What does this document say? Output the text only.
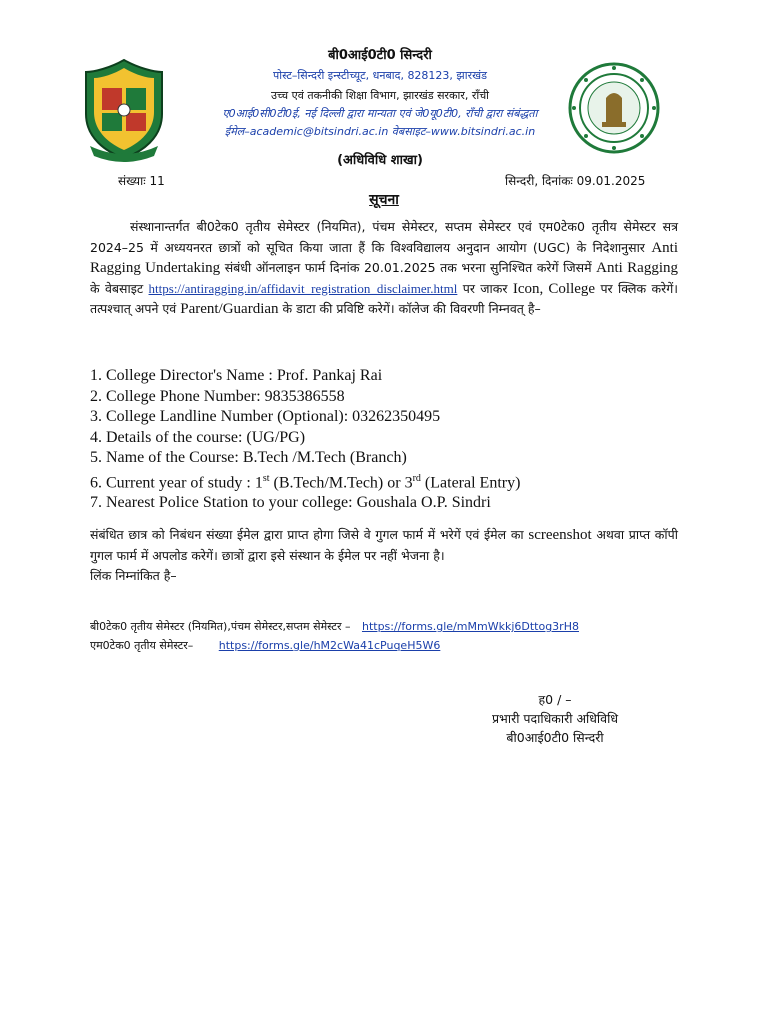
बी0आई0टी0 सिन्दरी
पोस्ट–सिन्दरी इन्स्टीच्यूट, धनबाद, 828123, झारखंड
उच्च एवं तकनीकी शिक्षा विभाग, झारखंड सरकार, रॉंची
ए0आई0सी0टी0ई, नई दिल्ली द्वारा मान्यता एवं जे0यू0टी0, रॉंची द्वारा संबंद्धता
ईमेल–academic@bitsindri.ac.in वेबसाइट–www.bitsindri.ac.in
(अधिविधि शाखा)
संख्याः 11	सिन्दरी, दिनांकः 09.01.2025
सूचना
संस्थानान्तर्गत बी0टेक0 तृतीय सेमेस्टर (नियमित), पंचम सेमेस्टर, सप्तम सेमेस्टर एवं एम0टेक0 तृतीय सेमेस्टर सत्र 2024–25 में अध्ययनरत छात्रों को सूचित किया जाता हैं कि विश्वविद्यालय अनुदान आयोग (UGC) के निदेशानुसार Anti Ragging Undertaking संबंधी ऑनलाइन फार्म दिनांक 20.01.2025 तक भरना सुनिश्चित करेगें जिसमें Anti Ragging के वेबसाइट https://antiragging.in/affidavit_registration_disclaimer.html पर जाकर Icon, College पर क्लिक करेगें। तत्पश्चात् अपने एवं Parent/Guardian के डाटा की प्रविष्टि करेगें। कॉलेज की विवरणी निम्नवत् है–
1. College Director's Name : Prof. Pankaj Rai
2. College Phone Number: 9835386558
3. College Landline Number (Optional): 03262350495
4. Details of the course: (UG/PG)
5. Name of the Course: B.Tech /M.Tech (Branch)
6. Current year of study : 1st (B.Tech/M.Tech) or 3rd (Lateral Entry)
7. Nearest Police Station to your college: Goushala O.P. Sindri
संबंधित छात्र को निबंधन संख्या ईमेल द्वारा प्राप्त होगा जिसे वे गुगल फार्म में भरेगें एवं ईमेल का screenshot अथवा प्राप्त कॉपी गुगल फार्म में अपलोड करेगें। छात्रों द्वारा इसे संस्थान के ईमेल पर नहीं भेजना है।
लिंक निम्नांकित है–
बी0टेक0 तृतीय सेमेस्टर (नियमित),पंचम सेमेस्टर,सप्तम सेमेस्टर – https://forms.gle/mMmWkkj6Dttog3rH8
एम0टेक0 तृतीय सेमेस्टर– https://forms.gle/hM2cWa41cPuqeH5W6
ह0 / –
प्रभारी पदाधिकारी अधिविधि
बी0आई0टी0 सिन्दरी
